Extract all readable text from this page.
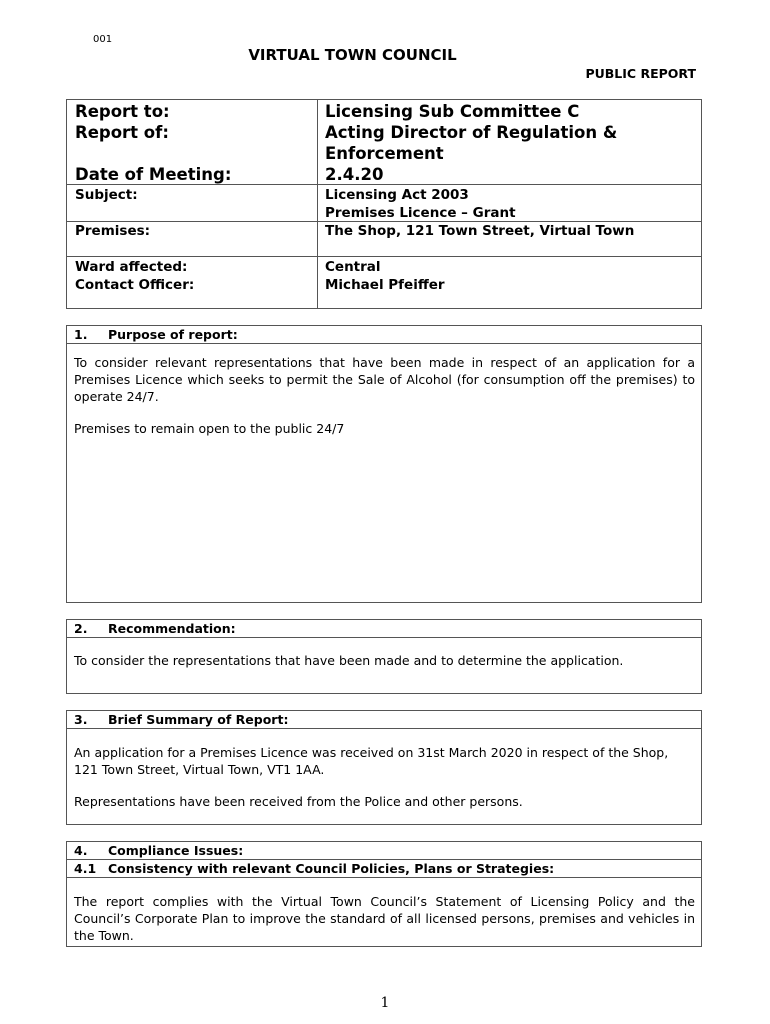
001
VIRTUAL TOWN COUNCIL
PUBLIC REPORT
Report to:	Licensing Sub Committee C
Report of:	Acting Director of Regulation & Enforcement
Date of Meeting:	2.4.20
Subject:	Licensing Act 2003
Premises Licence – Grant
Premises:	The Shop, 121 Town Street, Virtual Town
Ward affected:	Central
Contact Officer:	Michael Pfeiffer
1. Purpose of report:

To consider relevant representations that have been made in respect of an application for a Premises Licence which seeks to permit the Sale of Alcohol (for consumption off the premises) to operate 24/7.

Premises to remain open to the public 24/7

2. Recommendation:

To consider the representations that have been made and to determine the application.

3. Brief Summary of Report:

An application for a Premises Licence was received on 31st March 2020 in respect of the Shop, 121 Town Street, Virtual Town, VT1 1AA.

Representations have been received from the Police and other persons.

4. Compliance Issues:
4.1 Consistency with relevant Council Policies, Plans or Strategies:

The report complies with the Virtual Town Council’s Statement of Licensing Policy and the Council’s Corporate Plan to improve the standard of all licensed persons, premises and vehicles in the Town.

1
